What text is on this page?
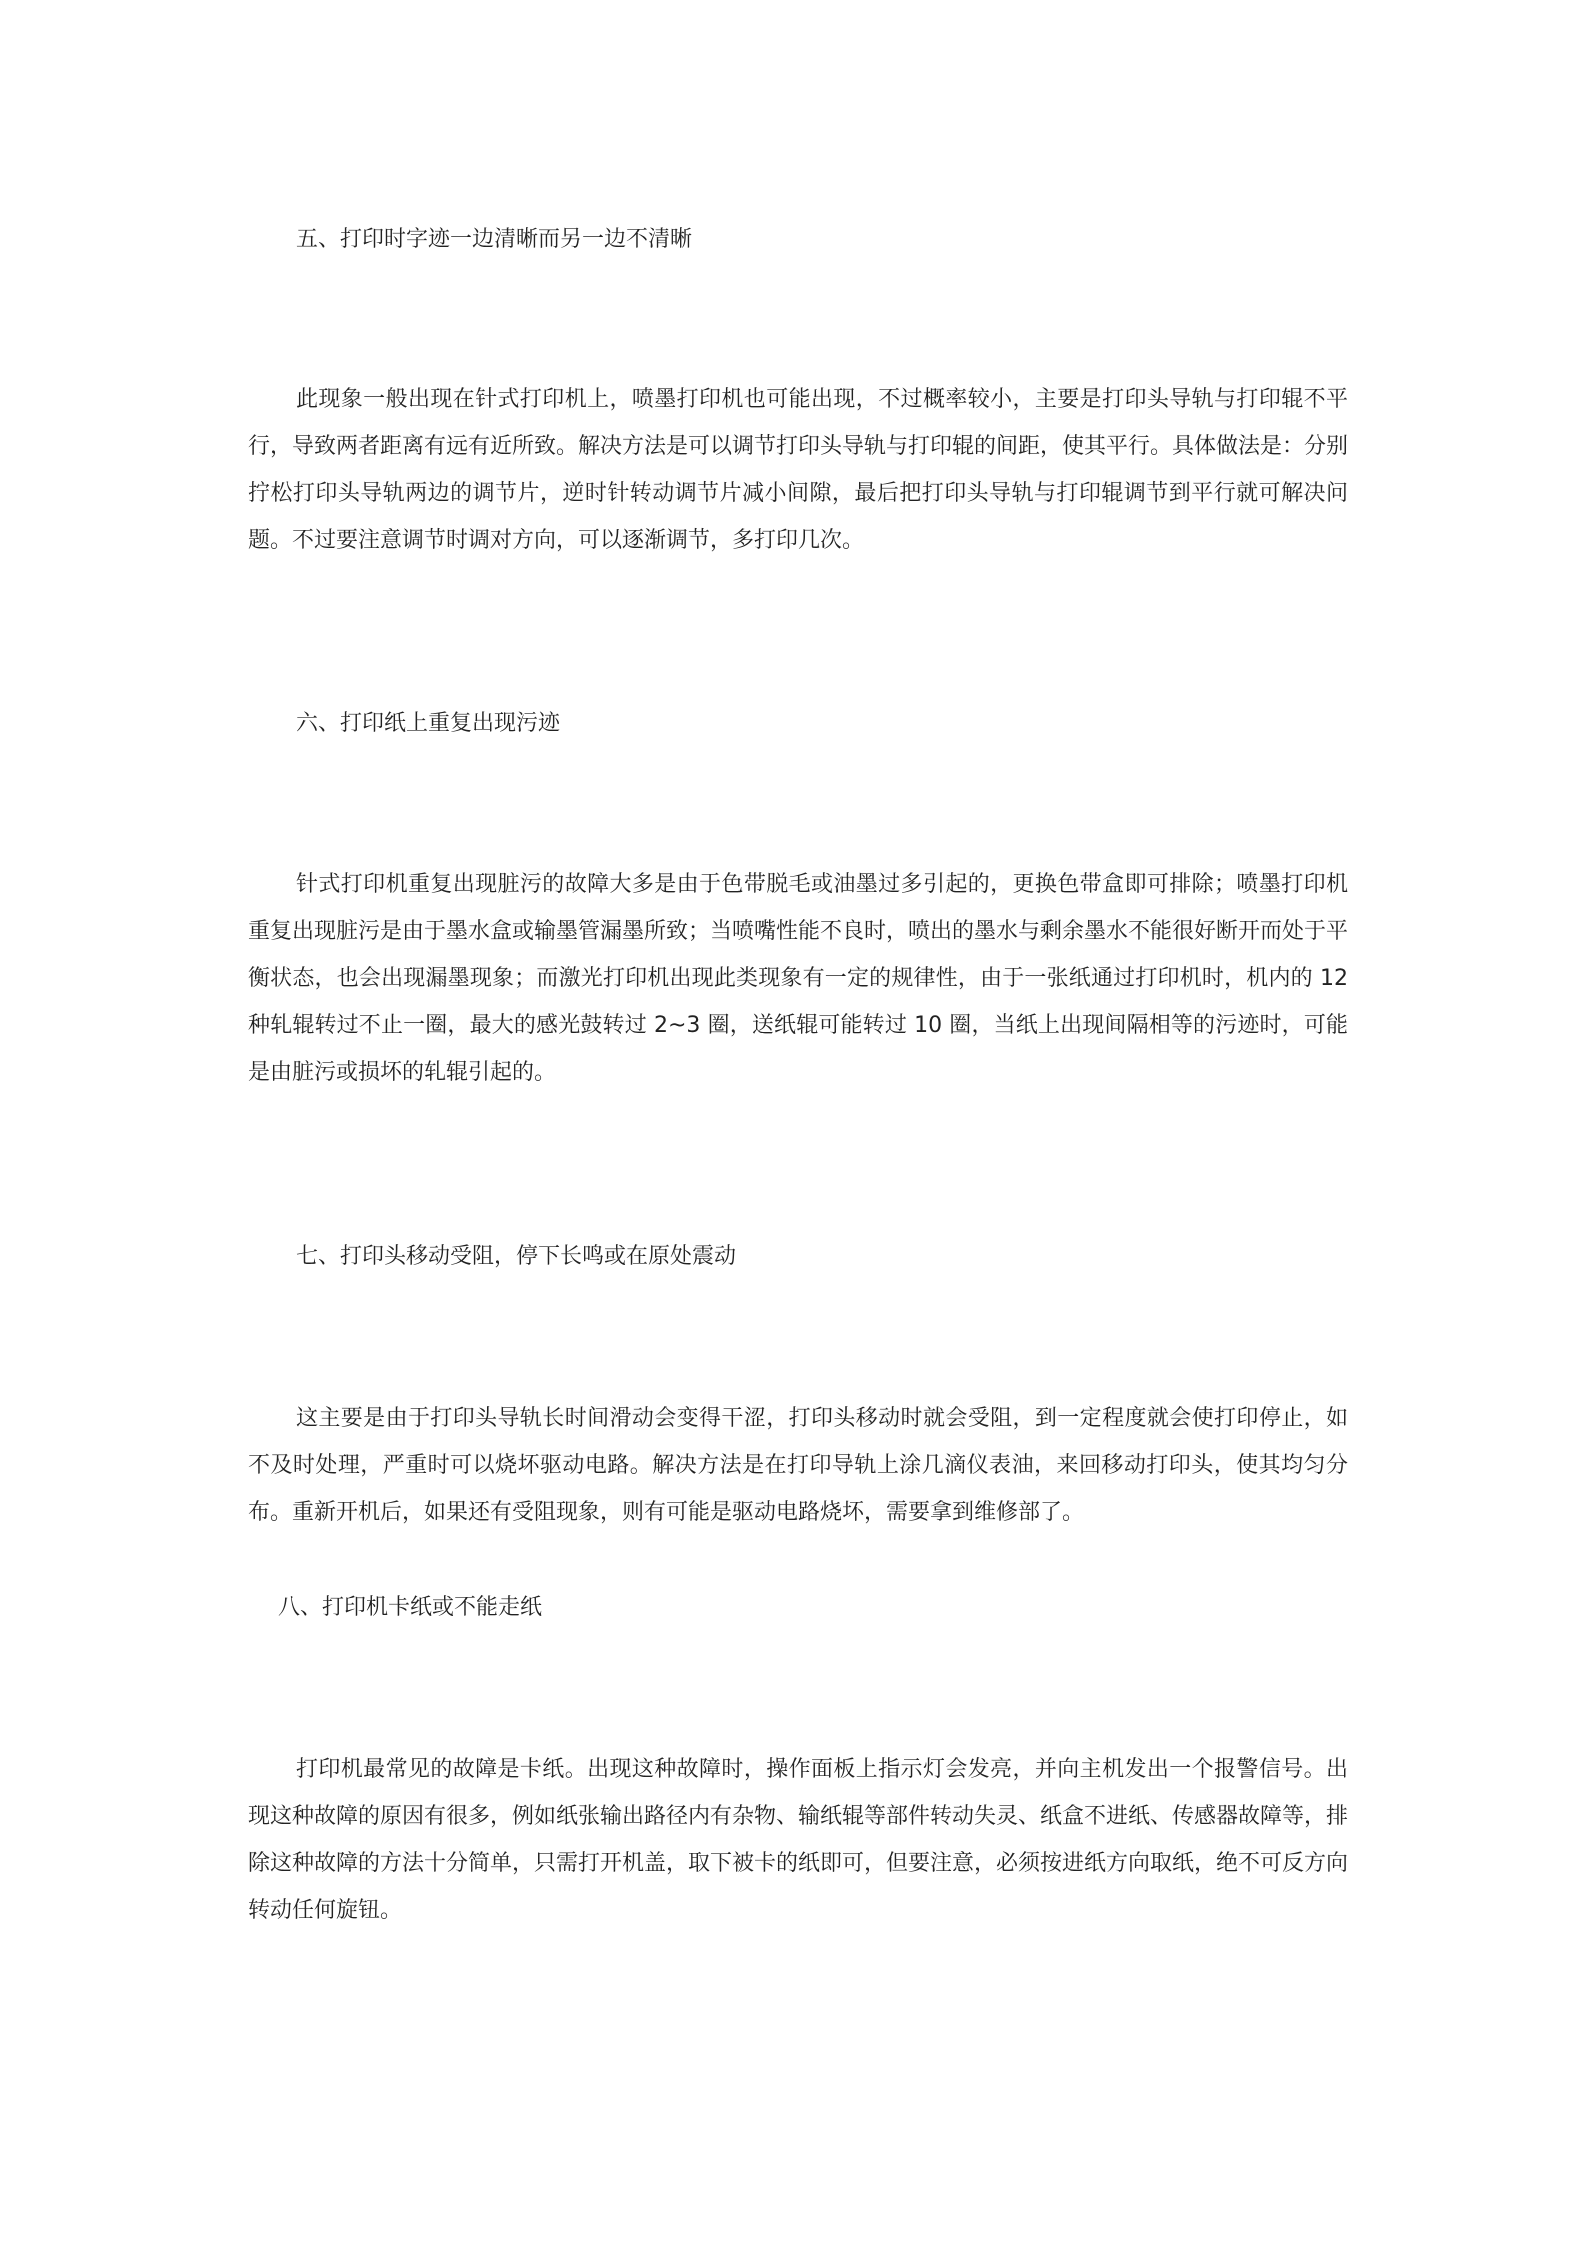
五、打印时字迹一边清晰而另一边不清晰

此现象一般出现在针式打印机上，喷墨打印机也可能出现，不过概率较小，主要是打印头导轨与打印辊不平行，导致两者距离有远有近所致。解决方法是可以调节打印头导轨与打印辊的间距，使其平行。具体做法是：分别拧松打印头导轨两边的调节片，逆时针转动调节片减小间隙，最后把打印头导轨与打印辊调节到平行就可解决问题。不过要注意调节时调对方向，可以逐渐调节，多打印几次。

六、打印纸上重复出现污迹

针式打印机重复出现脏污的故障大多是由于色带脱毛或油墨过多引起的，更换色带盒即可排除；喷墨打印机重复出现脏污是由于墨水盒或输墨管漏墨所致；当喷嘴性能不良时，喷出的墨水与剩余墨水不能很好断开而处于平衡状态，也会出现漏墨现象；而激光打印机出现此类现象有一定的规律性，由于一张纸通过打印机时，机内的 12 种轧辊转过不止一圈，最大的感光鼓转过 2~3 圈，送纸辊可能转过 10 圈，当纸上出现间隔相等的污迹时，可能是由脏污或损坏的轧辊引起的。

七、打印头移动受阻，停下长鸣或在原处震动

这主要是由于打印头导轨长时间滑动会变得干涩，打印头移动时就会受阻，到一定程度就会使打印停止，如不及时处理，严重时可以烧坏驱动电路。解决方法是在打印导轨上涂几滴仪表油，来回移动打印头，使其均匀分布。重新开机后，如果还有受阻现象，则有可能是驱动电路烧坏，需要拿到维修部了。

八、打印机卡纸或不能走纸

打印机最常见的故障是卡纸。出现这种故障时，操作面板上指示灯会发亮，并向主机发出一个报警信号。出现这种故障的原因有很多，例如纸张输出路径内有杂物、输纸辊等部件转动失灵、纸盒不进纸、传感器故障等，排除这种故障的方法十分简单，只需打开机盖，取下被卡的纸即可，但要注意，必须按进纸方向取纸，绝不可反方向转动任何旋钮。
